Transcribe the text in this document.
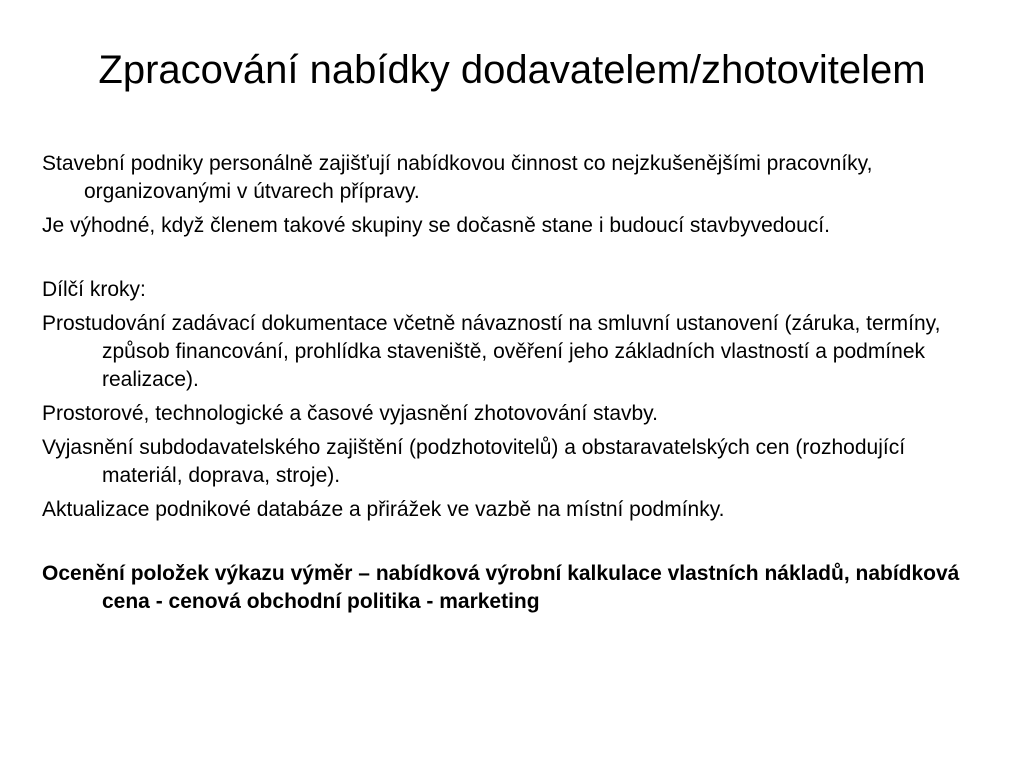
Zpracování nabídky dodavatelem/zhotovitelem

Stavební podniky personálně zajišťují nabídkovou činnost co nejzkušenějšími pracovníky, organizovanými v útvarech přípravy.

Je výhodné, když členem takové skupiny se dočasně stane i budoucí stavbyvedoucí.

Dílčí kroky:

Prostudování zadávací dokumentace včetně návazností na smluvní ustanovení (záruka, termíny, způsob financování, prohlídka staveniště, ověření jeho základních vlastností a podmínek realizace).

Prostorové, technologické a časové vyjasnění zhotovování stavby.

Vyjasnění subdodavatelského zajištění (podzhotovitelů) a obstaravatelských cen (rozhodující materiál, doprava, stroje).

Aktualizace podnikové databáze a přirážek ve vazbě na místní podmínky.

Ocenění položek výkazu výměr – nabídková výrobní kalkulace vlastních nákladů, nabídková cena - cenová obchodní politika - marketing
